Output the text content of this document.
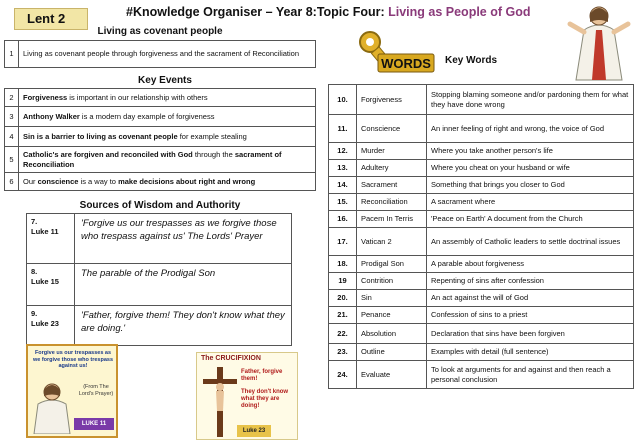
Lent 2	#Knowledge Organiser – Year 8:Topic Four: Living as People of God
Living as covenant people
1	Living as covenant people through forgiveness and the sacrament of Reconciliation
Key Events
2	Forgiveness is important in our relationship with others
3	Anthony Walker is a modern day example of forgiveness
4	Sin is a barrier to living as covenant people for example stealing
5	Catholic's are forgiven and reconciled with God through the sacrament of Reconciliation
6	Our conscience is a way to make decisions about right and wrong
Sources of Wisdom and Authority
7.
Luke 11	'Forgive us our trespasses as we forgive those who trespass against us' The Lords' Prayer

8.
Luke 15	The parable of the Prodigal Son

9.
Luke 23	'Father, forgive them! They don't know what they are doing.'
WORDS	Key Words
10.	Forgiveness	Stopping blaming someone and/or pardoning them for what they have done wrong
11.	Conscience	An inner feeling of right and wrong, the voice of God
12.	Murder	Where you take another person's life
13.	Adultery	Where you cheat on your husband or wife
14.	Sacrament	Something that brings you closer to God
15.	Reconciliation	A sacrament where
16.	Pacem In Terris	'Peace on Earth' A document from the Church
17.	Vatican 2	An assembly of Catholic leaders to settle doctrinal issues
18.	Prodigal Son	A parable about forgiveness
19	Contrition	Repenting of sins after confession
20.	Sin	An act against the will of God
21.	Penance	Confession of sins to a priest
22.	Absolution	Declaration that sins have been forgiven
23.	Outline	Examples with detail (full sentence)
24.	Evaluate	To look at arguments for and against and then reach a personal conclusion
Forgive us our trespasses as we forgive those who trespass against us!
(From The Lord's Prayer)
LUKE 11
The CRUCIFIXION
Father, forgive them!
They don't know what they are doing!
Luke 23
